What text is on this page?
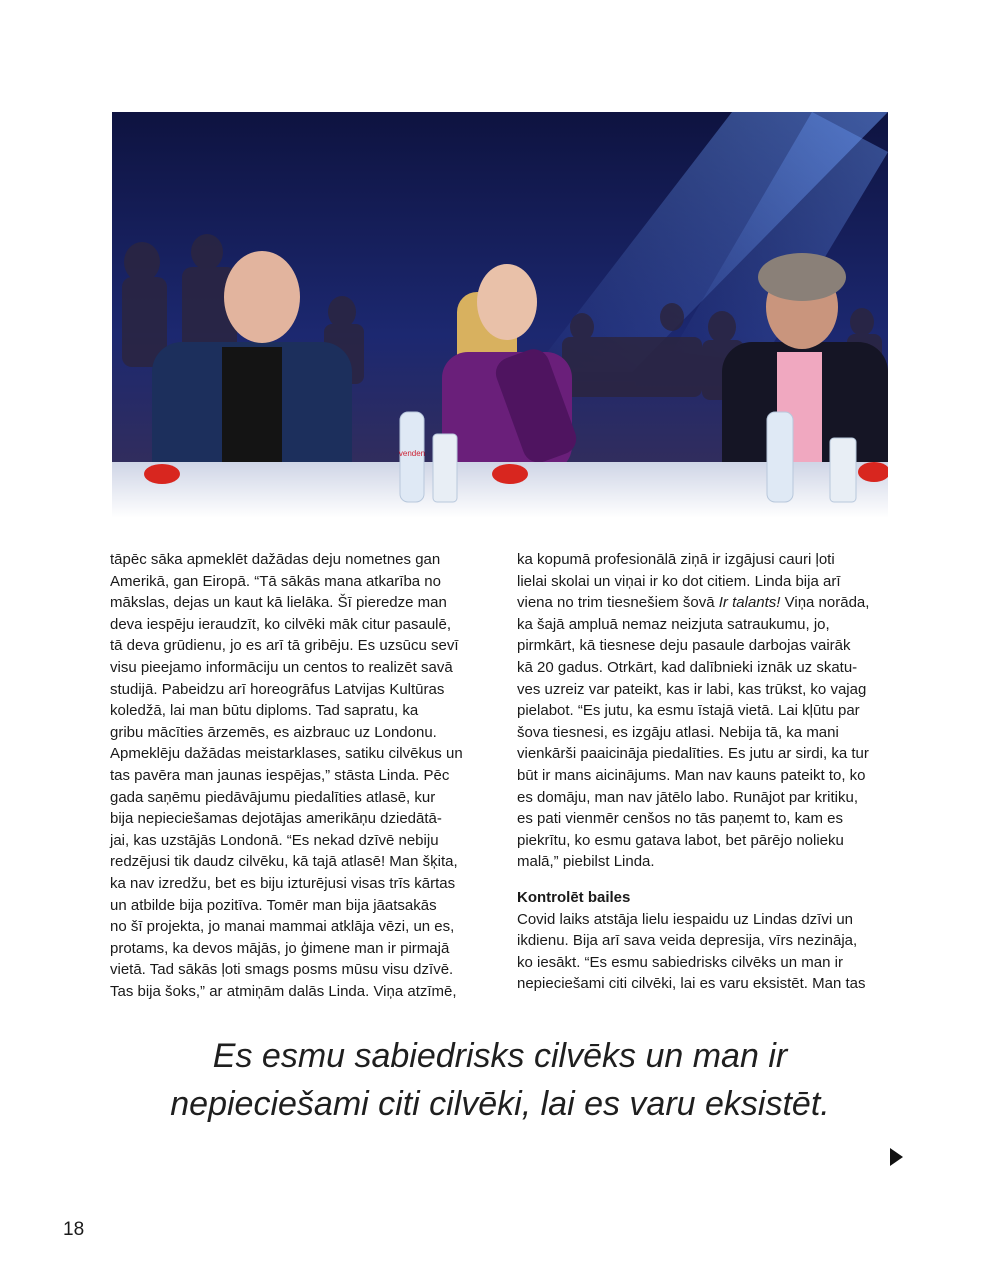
venden
tāpēc sāka apmeklēt dažādas deju nometnes gan
Amerikā, gan Eiropā. “Tā sākās mana atkarība no
mākslas, dejas un kaut kā lielāka. Šī pieredze man
deva iespēju ieraudzīt, ko cilvēki māk citur pasaulē,
tā deva grūdienu, jo es arī tā gribēju. Es uzsūcu sevī
visu pieejamo informāciju un centos to realizēt savā
studijā. Pabeidzu arī horeogrāfus Latvijas Kultūras
koledžā, lai man būtu diploms. Tad sapratu, ka
gribu mācīties ārzemēs, es aizbrauc uz Londonu.
Apmeklēju dažādas meistarklases, satiku cilvēkus un
tas pavēra man jaunas iespējas,” stāsta Linda. Pēc
gada saņēmu piedāvājumu piedalīties atlasē, kur
bija nepieciešamas dejotājas amerikāņu dziedātā-
jai, kas uzstājās Londonā. “Es nekad dzīvē nebiju
redzējusi tik daudz cilvēku, kā tajā atlasē! Man šķita,
ka nav izredžu, bet es biju izturējusi visas trīs kārtas
un atbilde bija pozitīva. Tomēr man bija jāatsakās
no šī projekta, jo manai mammai atklāja vēzi, un es,
protams, ka devos mājās, jo ģimene man ir pirmajā
vietā. Tad sākās ļoti smags posms mūsu visu dzīvē.
Tas bija šoks,” ar atmiņām dalās Linda. Viņa atzīmē,
ka kopumā profesionālā ziņā ir izgājusi cauri ļoti
lielai skolai un viņai ir ko dot citiem. Linda bija arī
viena no trim tiesnešiem šovā Ir talants! Viņa norāda,
ka šajā ampluā nemaz neizjuta satraukumu, jo,
pirmkārt, kā tiesnese deju pasaule darbojas vairāk
kā 20 gadus. Otrkārt, kad dalībnieki iznāk uz skatu-
ves uzreiz var pateikt, kas ir labi, kas trūkst, ko vajag
pielabot. “Es jutu, ka esmu īstajā vietā. Lai kļūtu par
šova tiesnesi, es izgāju atlasi. Nebija tā, ka mani
vienkārši paaicināja piedalīties. Es jutu ar sirdi, ka tur
būt ir mans aicinājums. Man nav kauns pateikt to, ko
es domāju, man nav jātēlo labo. Runājot par kritiku,
es pati vienmēr cenšos no tās paņemt to, kam es
piekrītu, ko esmu gatava labot, bet pārējo nolieku
malā,” piebilst Linda.
Kontrolēt bailes
Covid laiks atstāja lielu iespaidu uz Lindas dzīvi un
ikdienu. Bija arī sava veida depresija, vīrs nezināja,
ko iesākt. “Es esmu sabiedrisks cilvēks un man ir
nepieciešami citi cilvēki, lai es varu eksistēt. Man tas
Es esmu sabiedrisks cilvēks un man ir
nepieciešami citi cilvēki, lai es varu eksistēt.
18
